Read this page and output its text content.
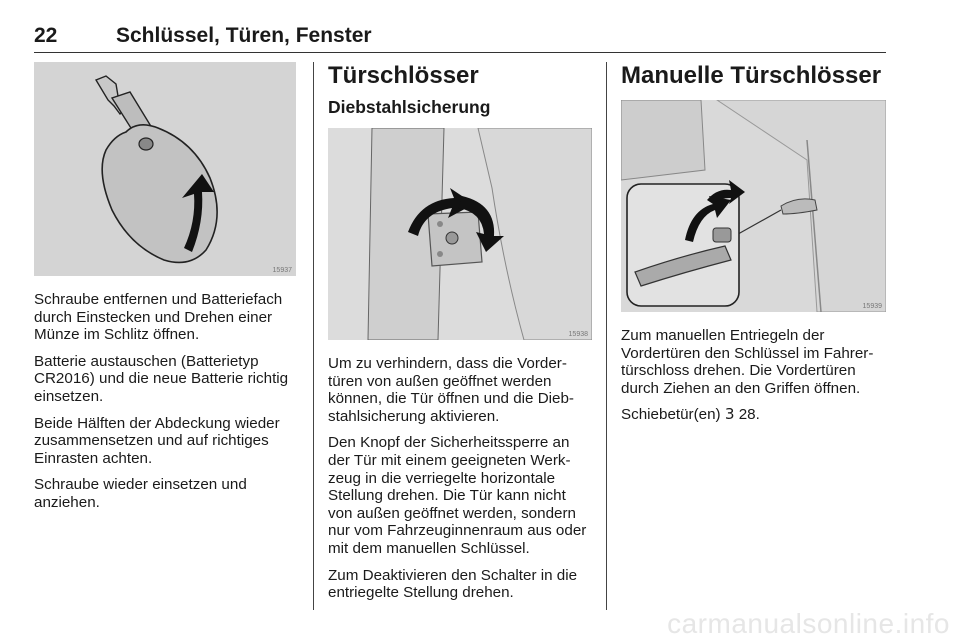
22	Schlüssel, Türen, Fenster
15937

Schraube entfernen und Batteriefach durch Einstecken und Drehen einer Münze im Schlitz öffnen.

Batterie austauschen (Batterietyp CR2016) und die neue Batterie richtig einsetzen.

Beide Hälften der Abdeckung wieder zusammensetzen und auf richtiges Einrasten achten.

Schraube wieder einsetzen und anziehen.

Türschlösser
Diebstahlsicherung
15938

Um zu verhindern, dass die Vorder-türen von außen geöffnet werden können, die Tür öffnen und die Dieb-stahlsicherung aktivieren.

Den Knopf der Sicherheitssperre an der Tür mit einem geeigneten Werk-zeug in die verriegelte horizontale Stellung drehen. Die Tür kann nicht von außen geöffnet werden, sondern nur vom Fahrzeuginnenraum aus oder mit dem manuellen Schlüssel.

Zum Deaktivieren den Schalter in die entriegelte Stellung drehen.

Manuelle Türschlösser
15939

Zum manuellen Entriegeln der Vordertüren den Schlüssel im Fahrer-türschloss drehen. Die Vordertüren durch Ziehen an den Griffen öffnen.

Schiebetür(en) 3 28.

carmanualsonline.info
